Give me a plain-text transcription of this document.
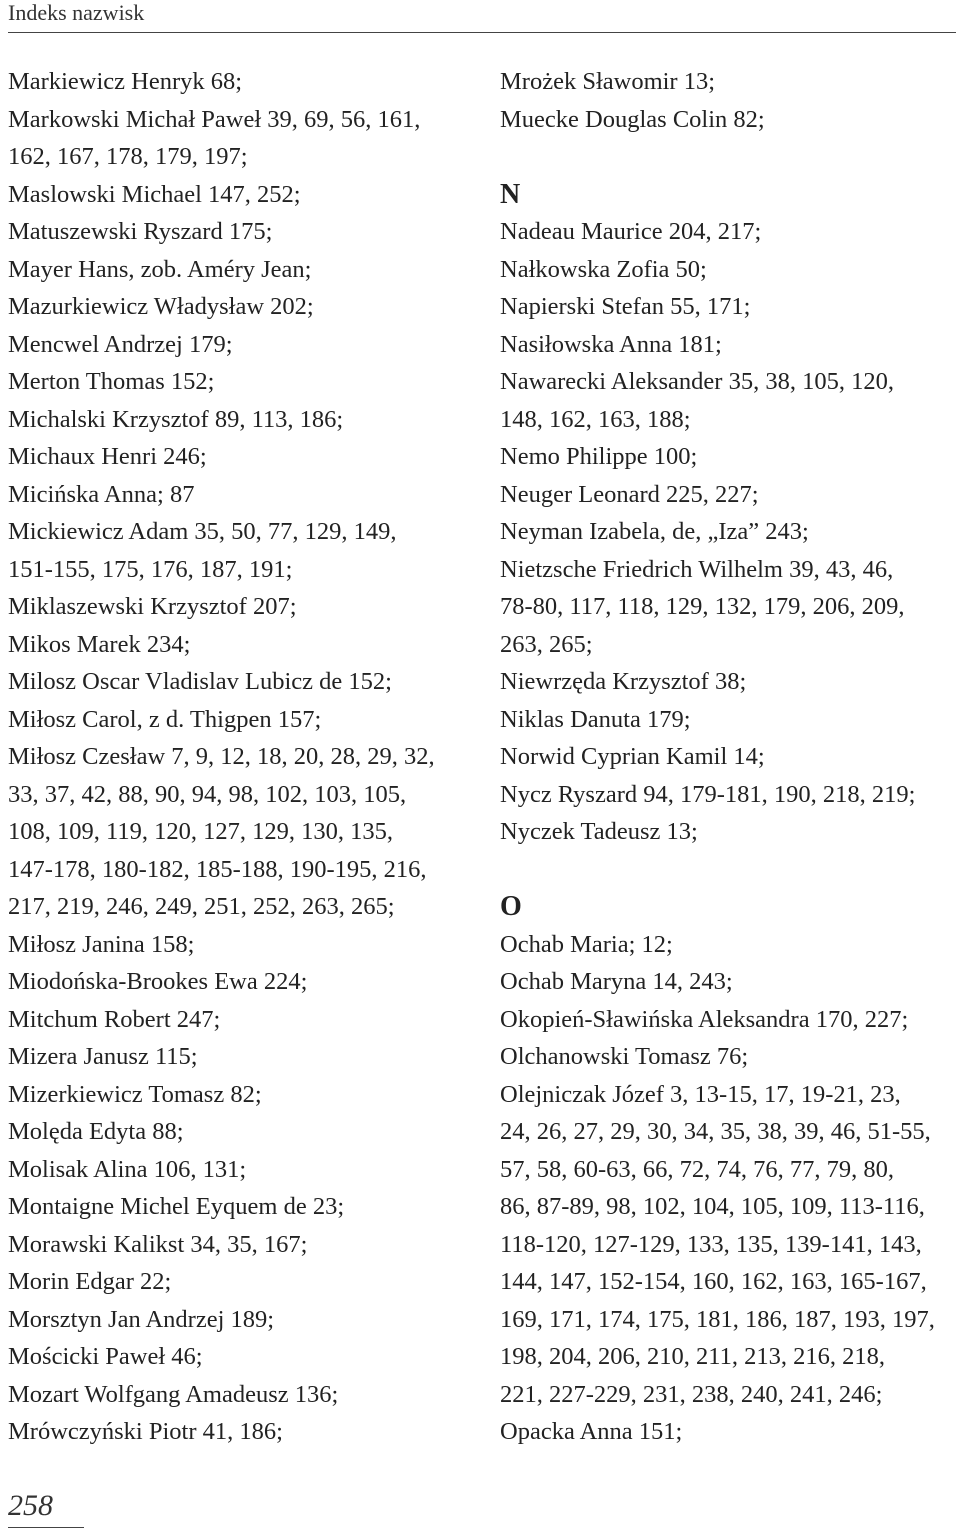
Indeks nazwisk
Markiewicz Henryk 68;
Markowski Michał Paweł 39, 69, 56, 161,
162, 167, 178, 179, 197;
Maslowski Michael 147, 252;
Matuszewski Ryszard 175;
Mayer Hans, zob. Améry Jean;
Mazurkiewicz Władysław 202;
Mencwel Andrzej 179;
Merton Thomas 152;
Michalski Krzysztof 89, 113, 186;
Michaux Henri 246;
Micińska Anna; 87
Mickiewicz Adam 35, 50, 77, 129, 149,
151-155, 175, 176, 187, 191;
Miklaszewski Krzysztof 207;
Mikos Marek 234;
Milosz Oscar Vladislav Lubicz de 152;
Miłosz Carol, z d. Thigpen 157;
Miłosz Czesław 7, 9, 12, 18, 20, 28, 29, 32,
33, 37, 42, 88, 90, 94, 98, 102, 103, 105,
108, 109, 119, 120, 127, 129, 130, 135,
147-178, 180-182, 185-188, 190-195, 216,
217, 219, 246, 249, 251, 252, 263, 265;
Miłosz Janina 158;
Miodońska-Brookes Ewa 224;
Mitchum Robert 247;
Mizera Janusz 115;
Mizerkiewicz Tomasz 82;
Molęda Edyta 88;
Molisak Alina 106, 131;
Montaigne Michel Eyquem de 23;
Morawski Kalikst 34, 35, 167;
Morin Edgar 22;
Morsztyn Jan Andrzej 189;
Mościcki Paweł 46;
Mozart Wolfgang Amadeusz 136;
Mrówczyński Piotr 41, 186;
Mrożek Sławomir 13;
Muecke Douglas Colin 82;
N
Nadeau Maurice 204, 217;
Nałkowska Zofia 50;
Napierski Stefan 55, 171;
Nasiłowska Anna 181;
Nawarecki Aleksander 35, 38, 105, 120,
148, 162, 163, 188;
Nemo Philippe 100;
Neuger Leonard 225, 227;
Neyman Izabela, de, „Iza” 243;
Nietzsche Friedrich Wilhelm 39, 43, 46,
78-80, 117, 118, 129, 132, 179, 206, 209,
263, 265;
Niewrzęda Krzysztof 38;
Niklas Danuta 179;
Norwid Cyprian Kamil 14;
Nycz Ryszard 94, 179-181, 190, 218, 219;
Nyczek Tadeusz 13;
O
Ochab Maria; 12;
Ochab Maryna 14, 243;
Okopień-Sławińska Aleksandra 170, 227;
Olchanowski Tomasz 76;
Olejniczak Józef 3, 13-15, 17, 19-21, 23,
24, 26, 27, 29, 30, 34, 35, 38, 39, 46, 51-55,
57, 58, 60-63, 66, 72, 74, 76, 77, 79, 80,
86, 87-89, 98, 102, 104, 105, 109, 113-116,
118-120, 127-129, 133, 135, 139-141, 143,
144, 147, 152-154, 160, 162, 163, 165-167,
169, 171, 174, 175, 181, 186, 187, 193, 197,
198, 204, 206, 210, 211, 213, 216, 218,
221, 227-229, 231, 238, 240, 241, 246;
Opacka Anna 151;
258
